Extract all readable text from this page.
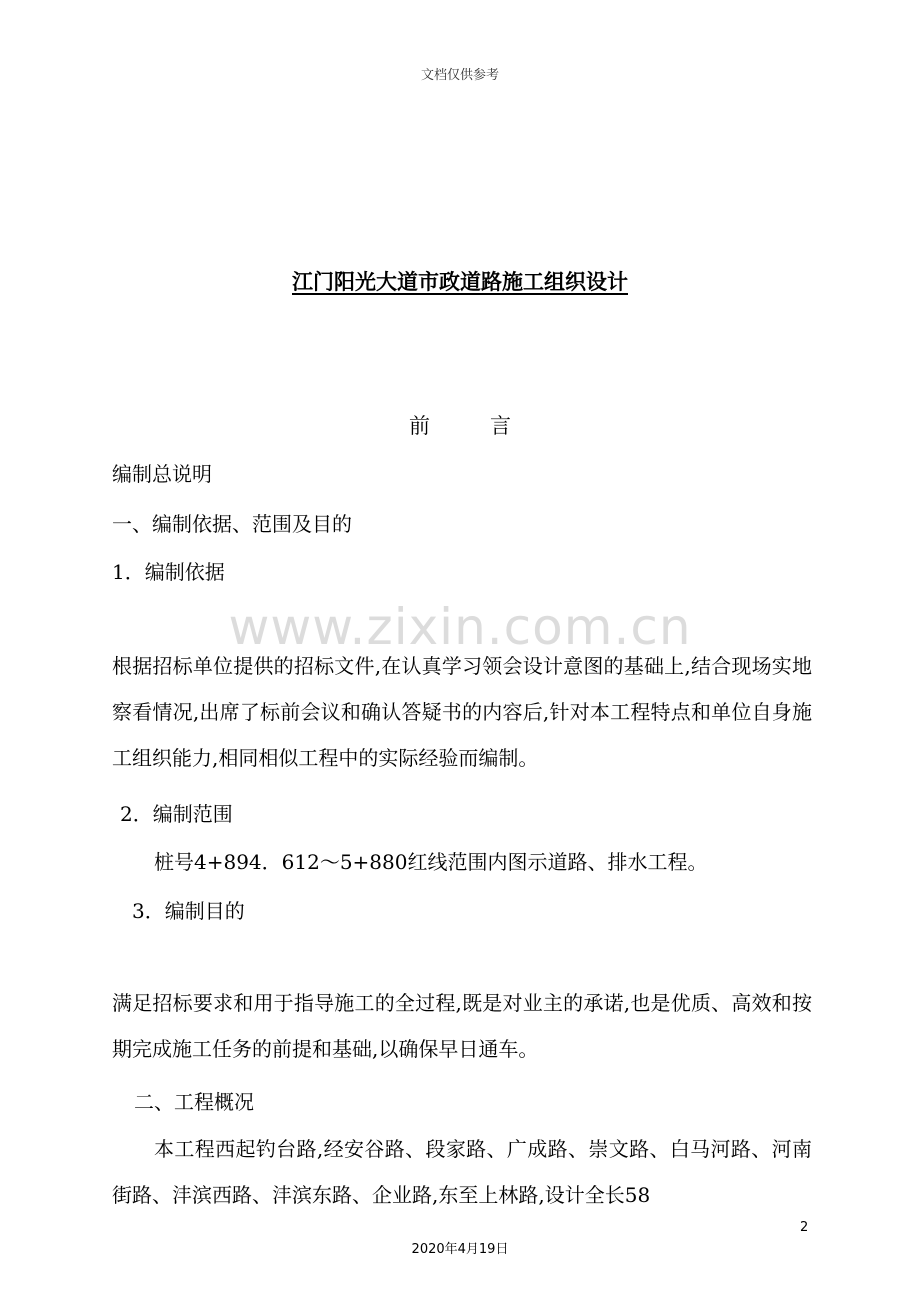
文档仅供参考
江门阳光大道市政道路施工组织设计
前言
编制总说明
一、编制依据、范围及目的
1．编制依据
www.zixin.com.cn
根据招标单位提供的招标文件,在认真学习领会设计意图的基础上,结合现场实地察看情况,出席了标前会议和确认答疑书的内容后,针对本工程特点和单位自身施工组织能力,相同相似工程中的实际经验而编制。
2．编制范围
桩号4+894．612～5+880红线范围内图示道路、排水工程。
3．编制目的
满足招标要求和用于指导施工的全过程,既是对业主的承诺,也是优质、高效和按期完成施工任务的前提和基础,以确保早日通车。
二、工程概况
本工程西起钓台路,经安谷路、段家路、广成路、崇文路、白马河路、河南街路、沣滨西路、沣滨东路、企业路,东至上林路,设计全长58
2
2020年4月19日
